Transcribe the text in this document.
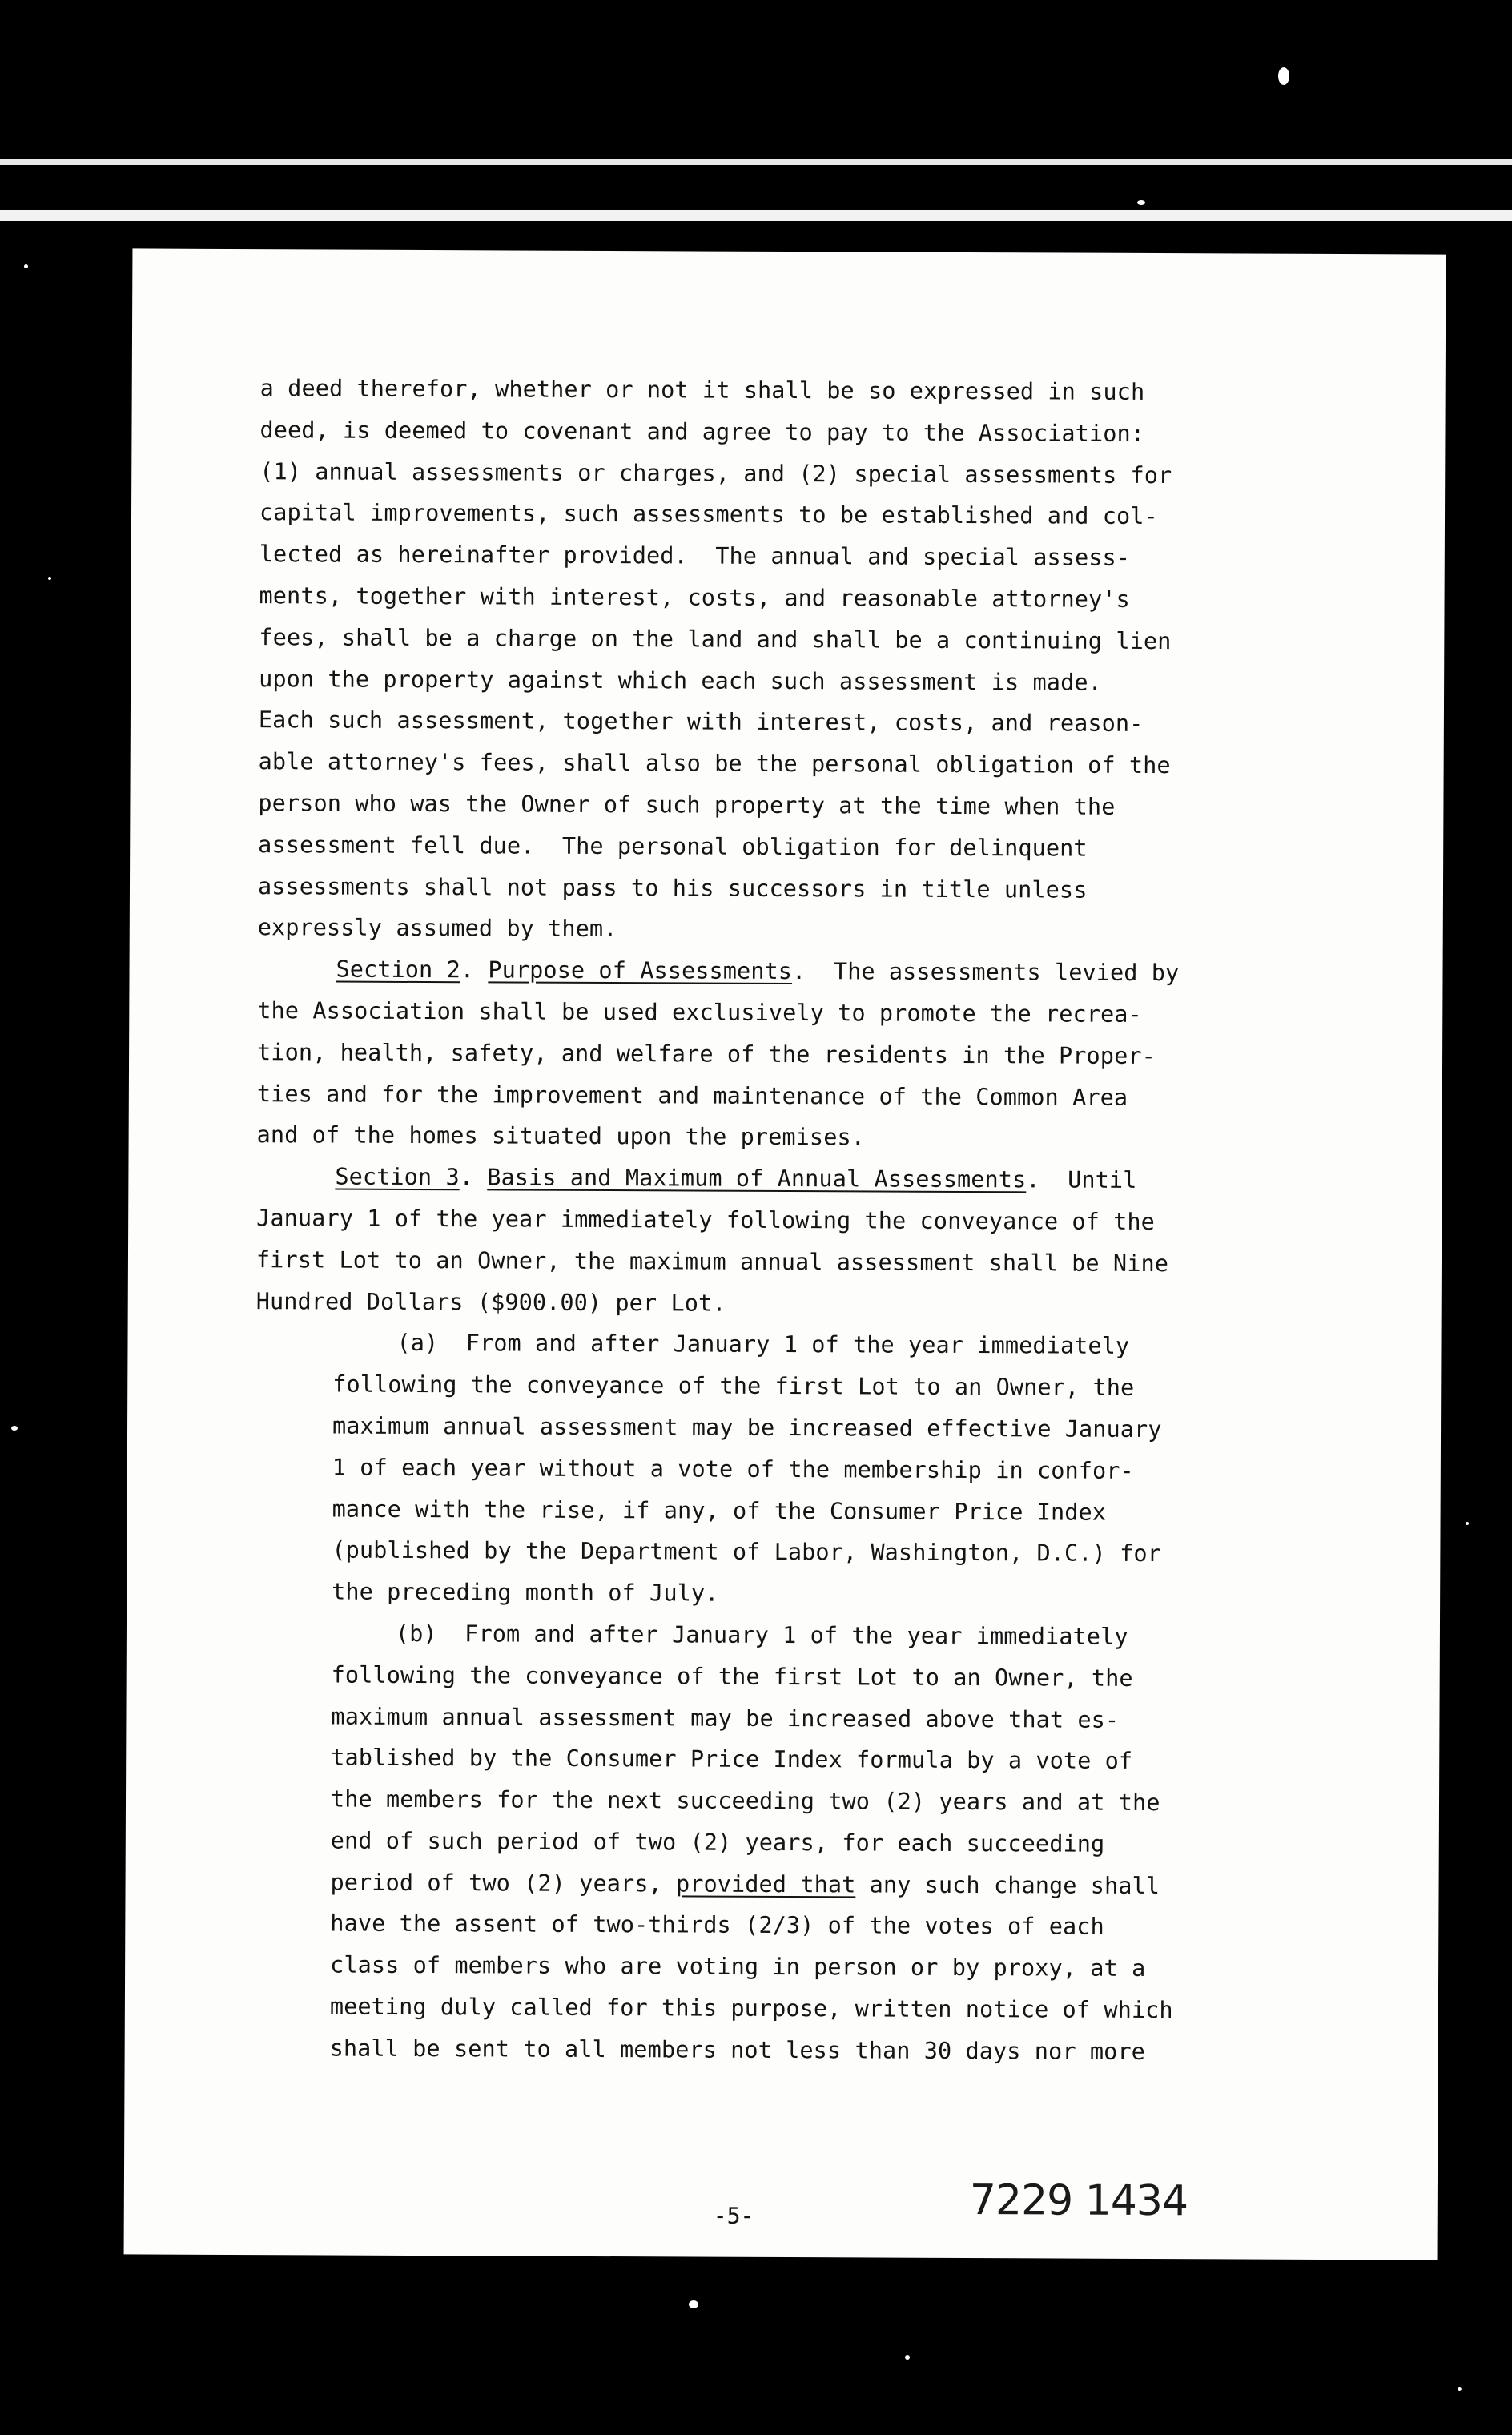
a deed therefor, whether or not it shall be so expressed in such
deed, is deemed to covenant and agree to pay to the Association:
(1) annual assessments or charges, and (2) special assessments for
capital improvements, such assessments to be established and col-
lected as hereinafter provided.  The annual and special assess-
ments, together with interest, costs, and reasonable attorney's
fees, shall be a charge on the land and shall be a continuing lien
upon the property against which each such assessment is made.
Each such assessment, together with interest, costs, and reason-
able attorney's fees, shall also be the personal obligation of the
person who was the Owner of such property at the time when the
assessment fell due.  The personal obligation for delinquent
assessments shall not pass to his successors in title unless
expressly assumed by them.
Section 2. Purpose of Assessments.  The assessments levied by
the Association shall be used exclusively to promote the recrea-
tion, health, safety, and welfare of the residents in the Proper-
ties and for the improvement and maintenance of the Common Area
and of the homes situated upon the premises.
Section 3. Basis and Maximum of Annual Assessments.  Until
January 1 of the year immediately following the conveyance of the
first Lot to an Owner, the maximum annual assessment shall be Nine
Hundred Dollars ($900.00) per Lot.
(a)  From and after January 1 of the year immediately
following the conveyance of the first Lot to an Owner, the
maximum annual assessment may be increased effective January
1 of each year without a vote of the membership in confor-
mance with the rise, if any, of the Consumer Price Index
(published by the Department of Labor, Washington, D.C.) for
the preceding month of July.
(b)  From and after January 1 of the year immediately
following the conveyance of the first Lot to an Owner, the
maximum annual assessment may be increased above that es-
tablished by the Consumer Price Index formula by a vote of
the members for the next succeeding two (2) years and at the
end of such period of two (2) years, for each succeeding
period of two (2) years, provided that any such change shall
have the assent of two-thirds (2/3) of the votes of each
class of members who are voting in person or by proxy, at a
meeting duly called for this purpose, written notice of which
shall be sent to all members not less than 30 days nor more
-5-	7229 1434
